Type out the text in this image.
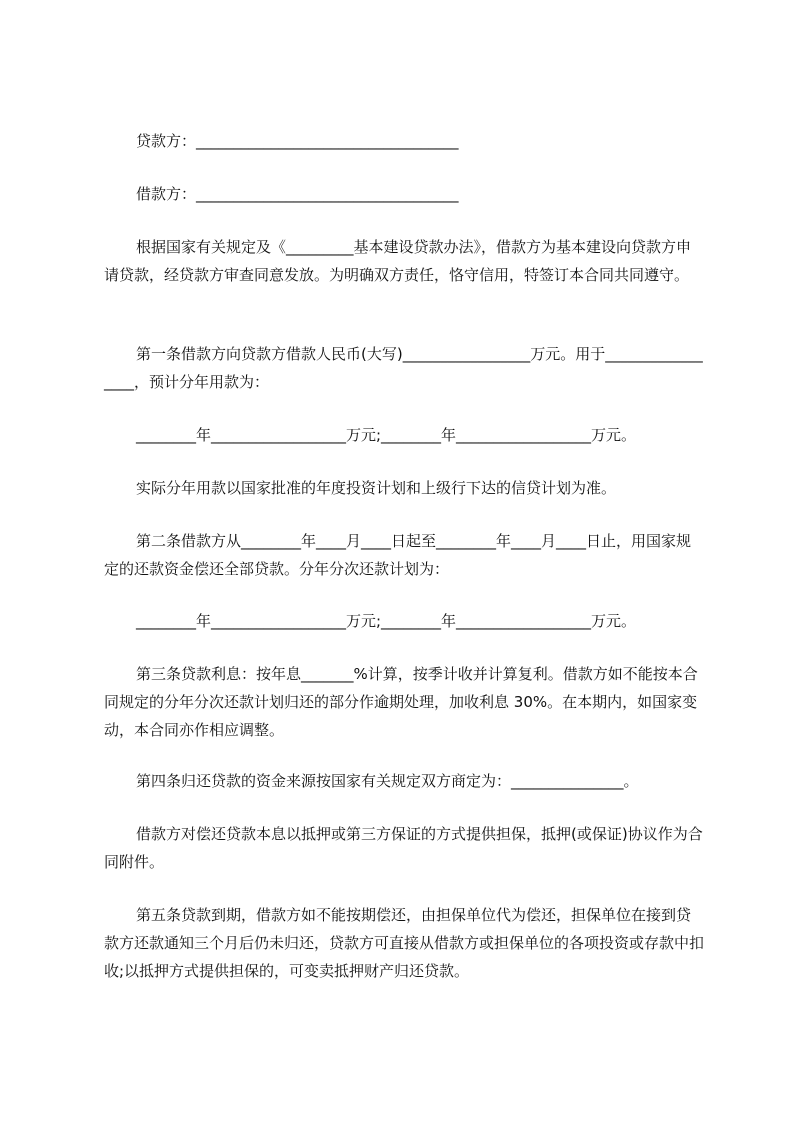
贷款方：___________________________________
借款方：___________________________________
根据国家有关规定及《_________基本建设贷款办法》，借款方为基本建设向贷款方申请贷款，经贷款方审查同意发放。为明确双方责任，恪守信用，特签订本合同共同遵守。
第一条借款方向贷款方借款人民币(大写)_________________万元。用于_________________，预计分年用款为：
________年__________________万元;________年__________________万元。
实际分年用款以国家批准的年度投资计划和上级行下达的信贷计划为准。
第二条借款方从________年____月____日起至________年____月____日止，用国家规定的还款资金偿还全部贷款。分年分次还款计划为：
________年__________________万元;________年__________________万元。
第三条贷款利息：按年息_______%计算，按季计收并计算复利。借款方如不能按本合同规定的分年分次还款计划归还的部分作逾期处理，加收利息 30%。在本期内，如国家变动，本合同亦作相应调整。
第四条归还贷款的资金来源按国家有关规定双方商定为：_______________。
借款方对偿还贷款本息以抵押或第三方保证的方式提供担保，抵押(或保证)协议作为合同附件。
第五条贷款到期，借款方如不能按期偿还，由担保单位代为偿还，担保单位在接到贷款方还款通知三个月后仍未归还，贷款方可直接从借款方或担保单位的各项投资或存款中扣收;以抵押方式提供担保的，可变卖抵押财产归还贷款。
